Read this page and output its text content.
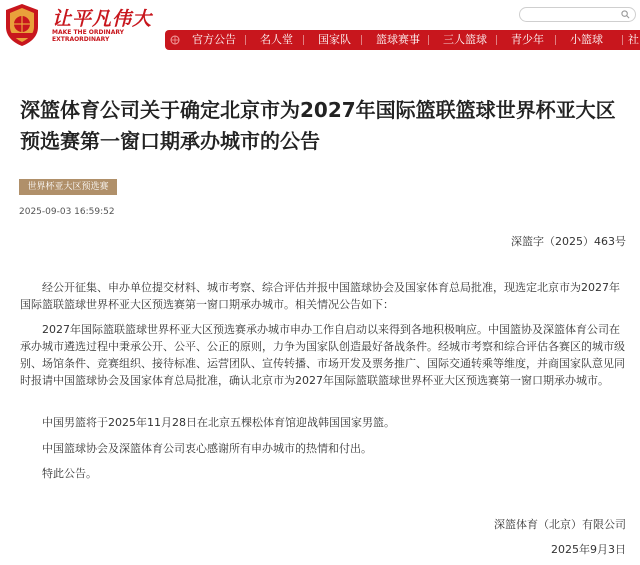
让平凡伟大
MAKE THE ORDINARY
EXTRAORDINARY	官方公告 名人堂 国家队 篮球赛事 三人篮球 青少年 小篮球 社
深篮体育公司关于确定北京市为2027年国际篮联篮球世界杯亚大区预选赛第一窗口期承办城市的公告
世界杯亚大区预选赛
2025-09-03 16:59:52
深篮字（2025）463号

经公开征集、申办单位提交材料、城市考察、综合评估并报中国篮球协会及国家体育总局批准，现选定北京市为2027年国际篮联篮球世界杯亚大区预选赛第一窗口期承办城市。相关情况公告如下：

2027年国际篮联篮球世界杯亚大区预选赛承办城市申办工作自启动以来得到各地积极响应。中国篮协及深篮体育公司在承办城市遴选过程中秉承公开、公平、公正的原则，力争为国家队创造最好备战条件。经城市考察和综合评估各赛区的城市级别、场馆条件、竞赛组织、接待标准、运营团队、宣传转播、市场开发及票务推广、国际交通转乘等维度，并商国家队意见同时报请中国篮球协会及国家体育总局批准，确认北京市为2027年国际篮联篮球世界杯亚大区预选赛第一窗口期承办城市。

中国男篮将于2025年11月28日在北京五棵松体育馆迎战韩国国家男篮。

中国篮球协会及深篮体育公司衷心感谢所有申办城市的热情和付出。

特此公告。

深篮体育（北京）有限公司
2025年9月3日
